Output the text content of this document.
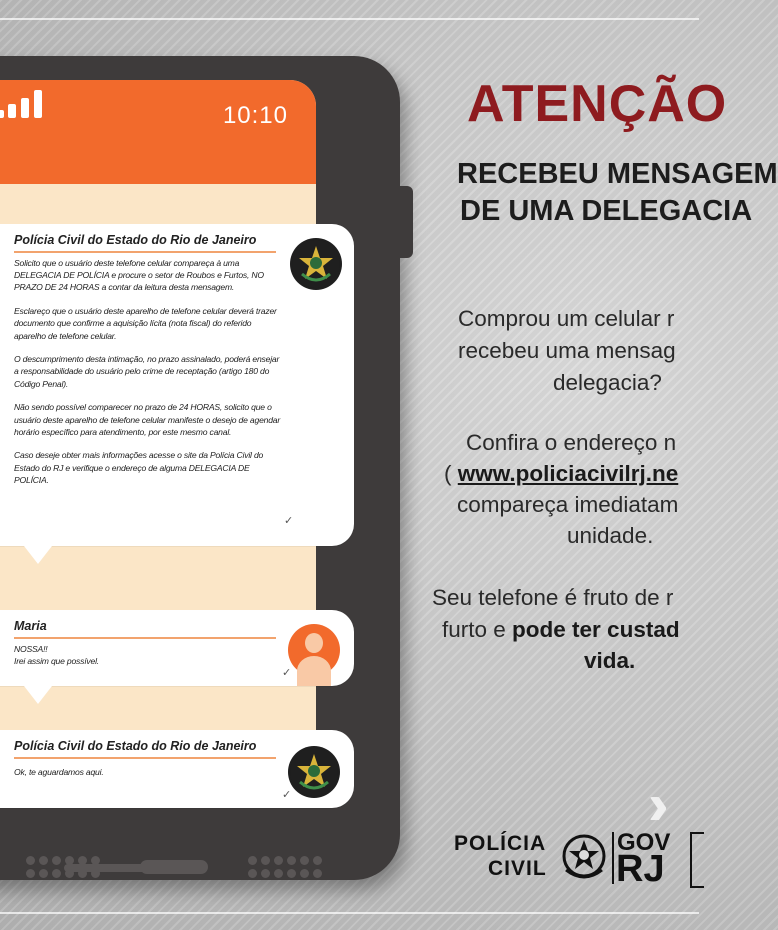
10:10
Polícia Civil do Estado do Rio de Janeiro

Solicito que o usuário deste telefone celular compareça à uma DELEGACIA DE POLÍCIA e procure o setor de Roubos e Furtos, NO PRAZO DE 24 HORAS a contar da leitura desta mensagem.

Esclareço que o usuário deste aparelho de telefone celular deverá trazer documento que confirme a aquisição lícita (nota fiscal) do referido aparelho de telefone celular.

O descumprimento desta intimação, no prazo assinalado, poderá ensejar a responsabilidade do usuário pelo crime de receptação (artigo 180 do Código Penal).

Não sendo possível comparecer no prazo de 24 HORAS, solicito que o usuário deste aparelho de telefone celular manifeste o desejo de agendar horário específico para atendimento, por este mesmo canal.

Caso deseje obter mais informações acesse o site da Polícia Civil do Estado do RJ e verifique o endereço de alguma DELEGACIA DE POLÍCIA.

✓
Maria
NOSSA!!
Irei assim que possível.
✓
Polícia Civil do Estado do Rio de Janeiro
Ok, te aguardamos aqui.
✓
ATENÇÃO
RECEBEU MENSAGEM
DE UMA DELEGACIA
Comprou um celular r
recebeu uma mensag
delegacia?
Confira o endereço n
( www.policiacivilrj.ne
compareça imediatam
unidade.
Seu telefone é fruto de r
furto e pode ter custad
vida.
››
POLÍCIA
CIVIL
GOV
RJ
